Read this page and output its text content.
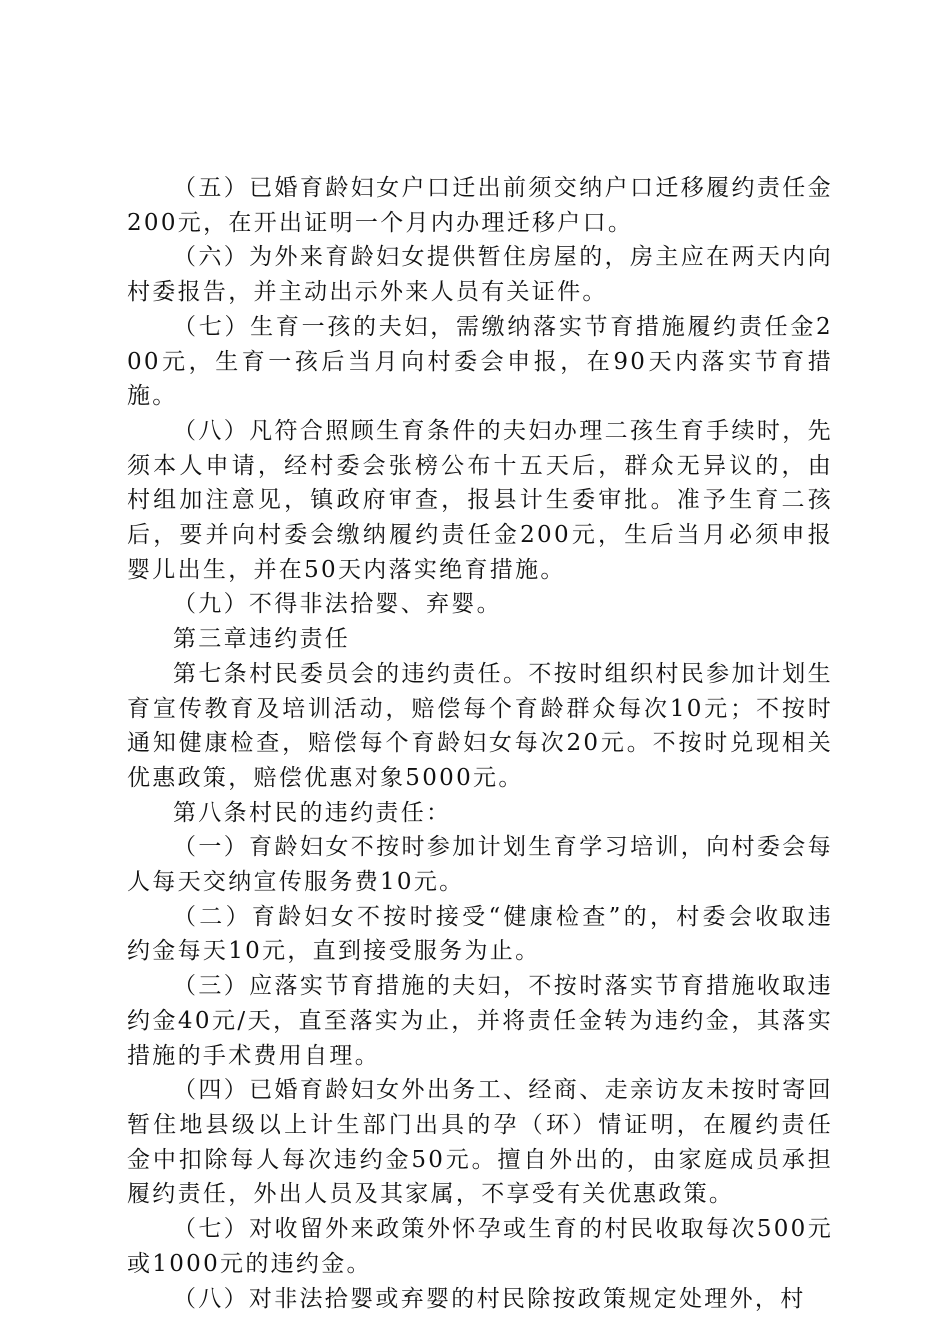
（五）已婚育龄妇女户口迁出前须交纳户口迁移履约责任金200元，在开出证明一个月内办理迁移户口。

（六）为外来育龄妇女提供暂住房屋的，房主应在两天内向村委报告，并主动出示外来人员有关证件。

（七）生育一孩的夫妇，需缴纳落实节育措施履约责任金200元，生育一孩后当月向村委会申报，在90天内落实节育措施。

（八）凡符合照顾生育条件的夫妇办理二孩生育手续时，先须本人申请，经村委会张榜公布十五天后，群众无异议的，由村组加注意见，镇政府审查，报县计生委审批。准予生育二孩后，要并向村委会缴纳履约责任金200元，生后当月必须申报婴儿出生，并在50天内落实绝育措施。

（九）不得非法拾婴、弃婴。

第三章违约责任

第七条村民委员会的违约责任。不按时组织村民参加计划生育宣传教育及培训活动，赔偿每个育龄群众每次10元；不按时通知健康检查，赔偿每个育龄妇女每次20元。不按时兑现相关优惠政策，赔偿优惠对象5000元。

第八条村民的违约责任：

（一）育龄妇女不按时参加计划生育学习培训，向村委会每人每天交纳宣传服务费10元。

（二）育龄妇女不按时接受“健康检查”的，村委会收取违约金每天10元，直到接受服务为止。

（三）应落实节育措施的夫妇，不按时落实节育措施收取违约金40元/天，直至落实为止，并将责任金转为违约金，其落实措施的手术费用自理。

（四）已婚育龄妇女外出务工、经商、走亲访友未按时寄回暂住地县级以上计生部门出具的孕（环）情证明，在履约责任金中扣除每人每次违约金50元。擅自外出的，由家庭成员承担履约责任，外出人员及其家属，不享受有关优惠政策。

（七）对收留外来政策外怀孕或生育的村民收取每次500元或1000元的违约金。

（八）对非法拾婴或弃婴的村民除按政策规定处理外，村
